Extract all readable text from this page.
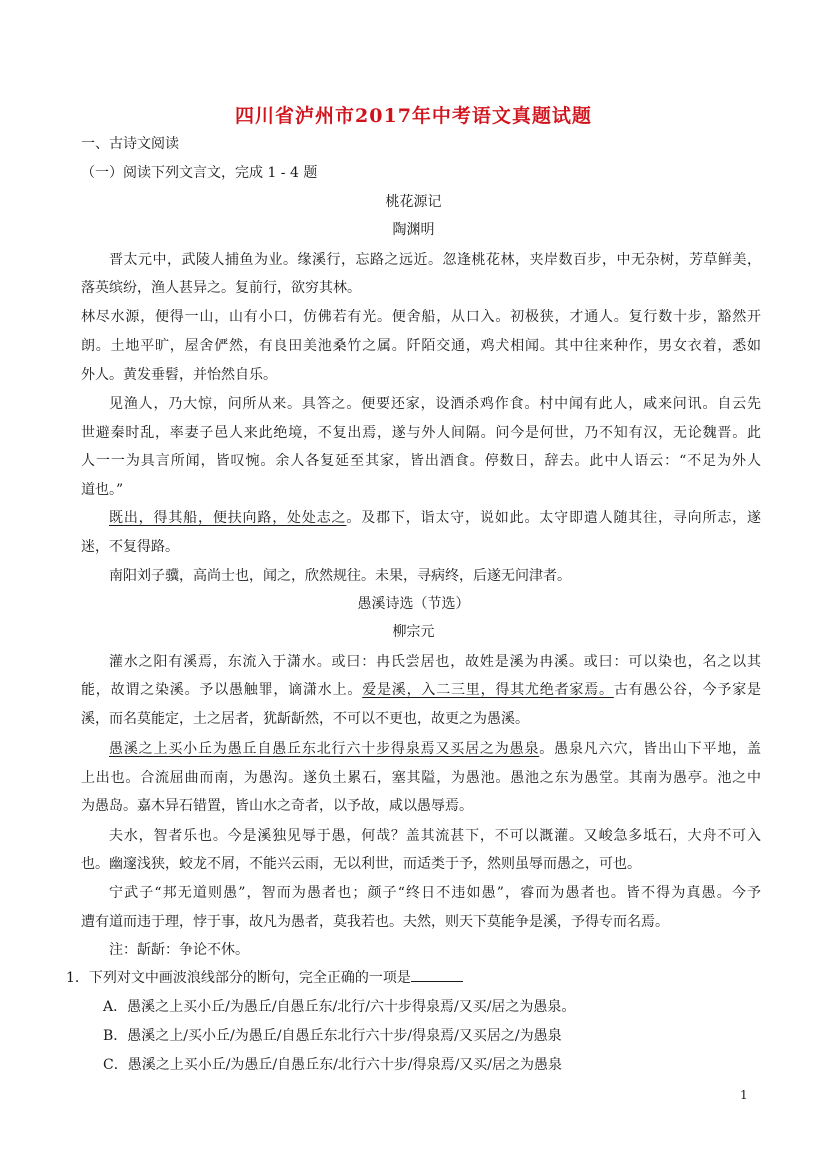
四川省泸州市2017年中考语文真题试题
一、古诗文阅读
（一）阅读下列文言文，完成 1 - 4 题
桃花源记
陶渊明
晋太元中，武陵人捕鱼为业。缘溪行，忘路之远近。忽逢桃花林，夹岸数百步，中无杂树，芳草鲜美，
落英缤纷，渔人甚异之。复前行，欲穷其林。
林尽水源，便得一山，山有小口，仿佛若有光。便舍船，从口入。初极狭，才通人。复行数十步，豁然开
朗。土地平旷，屋舍俨然，有良田美池桑竹之属。阡陌交通，鸡犬相闻。其中往来种作，男女衣着，悉如
外人。黄发垂髫，并怡然自乐。
见渔人，乃大惊，问所从来。具答之。便要还家，设酒杀鸡作食。村中闻有此人，咸来问讯。自云先
世避秦时乱，率妻子邑人来此绝境，不复出焉，遂与外人间隔。问今是何世，乃不知有汉，无论魏晋。此
人一一为具言所闻，皆叹惋。余人各复延至其家，皆出酒食。停数日，辞去。此中人语云：“不足为外人
道也。”
既出，得其船，便扶向路，处处志之。及郡下，诣太守，说如此。太守即遣人随其往，寻向所志，遂
迷，不复得路。
南阳刘子骥，高尚士也，闻之，欣然规往。未果，寻病终，后遂无问津者。
愚溪诗选（节选）
柳宗元
灌水之阳有溪焉，东流入于潇水。或曰：冉氏尝居也，故姓是溪为冉溪。或曰：可以染也，名之以其
能，故谓之染溪。予以愚触罪，谪潇水上。爱是溪，入二三里，得其尤绝者家焉。古有愚公谷，今予家是
溪，而名莫能定，土之居者，犹龂龂然，不可以不更也，故更之为愚溪。
愚溪之上买小丘为愚丘自愚丘东北行六十步得泉焉又买居之为愚泉。愚泉凡六穴，皆出山下平地，盖
上出也。合流屈曲而南，为愚沟。遂负土累石，塞其隘，为愚池。愚池之东为愚堂。其南为愚亭。池之中
为愚岛。嘉木异石错置，皆山水之奇者，以予故，咸以愚辱焉。
夫水，智者乐也。今是溪独见辱于愚，何哉？盖其流甚下，不可以溉灌。又峻急多坻石，大舟不可入
也。幽邃浅狭，蛟龙不屑，不能兴云雨，无以利世，而适类于予，然则虽辱而愚之，可也。
宁武子“邦无道则愚”，智而为愚者也；颜子“终日不违如愚”，睿而为愚者也。皆不得为真愚。今予
遭有道而违于理，悖于事，故凡为愚者，莫我若也。夫然，则天下莫能争是溪，予得专而名焉。
注：龂龂：争论不休。
1．下列对文中画波浪线部分的断句，完全正确的一项是
A．愚溪之上买小丘/为愚丘/自愚丘东/北行/六十步得泉焉/又买/居之为愚泉。
B．愚溪之上/买小丘/为愚丘/自愚丘东北行六十步/得泉焉/又买居之/为愚泉
C．愚溪之上买小丘/为愚丘/自愚丘东/北行六十步/得泉焉/又买/居之为愚泉
1
